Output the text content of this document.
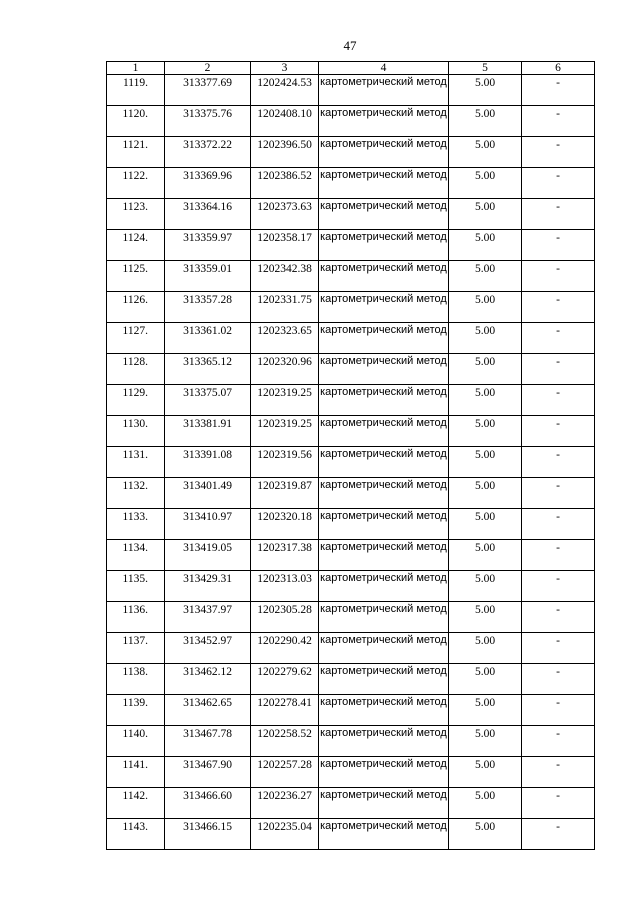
47
1	2	3	4	5	6
1119.	313377.69	1202424.53	картометрический метод	5.00	-
1120.	313375.76	1202408.10	картометрический метод	5.00	-
1121.	313372.22	1202396.50	картометрический метод	5.00	-
1122.	313369.96	1202386.52	картометрический метод	5.00	-
1123.	313364.16	1202373.63	картометрический метод	5.00	-
1124.	313359.97	1202358.17	картометрический метод	5.00	-
1125.	313359.01	1202342.38	картометрический метод	5.00	-
1126.	313357.28	1202331.75	картометрический метод	5.00	-
1127.	313361.02	1202323.65	картометрический метод	5.00	-
1128.	313365.12	1202320.96	картометрический метод	5.00	-
1129.	313375.07	1202319.25	картометрический метод	5.00	-
1130.	313381.91	1202319.25	картометрический метод	5.00	-
1131.	313391.08	1202319.56	картометрический метод	5.00	-
1132.	313401.49	1202319.87	картометрический метод	5.00	-
1133.	313410.97	1202320.18	картометрический метод	5.00	-
1134.	313419.05	1202317.38	картометрический метод	5.00	-
1135.	313429.31	1202313.03	картометрический метод	5.00	-
1136.	313437.97	1202305.28	картометрический метод	5.00	-
1137.	313452.97	1202290.42	картометрический метод	5.00	-
1138.	313462.12	1202279.62	картометрический метод	5.00	-
1139.	313462.65	1202278.41	картометрический метод	5.00	-
1140.	313467.78	1202258.52	картометрический метод	5.00	-
1141.	313467.90	1202257.28	картометрический метод	5.00	-
1142.	313466.60	1202236.27	картометрический метод	5.00	-
1143.	313466.15	1202235.04	картометрический метод	5.00	-
